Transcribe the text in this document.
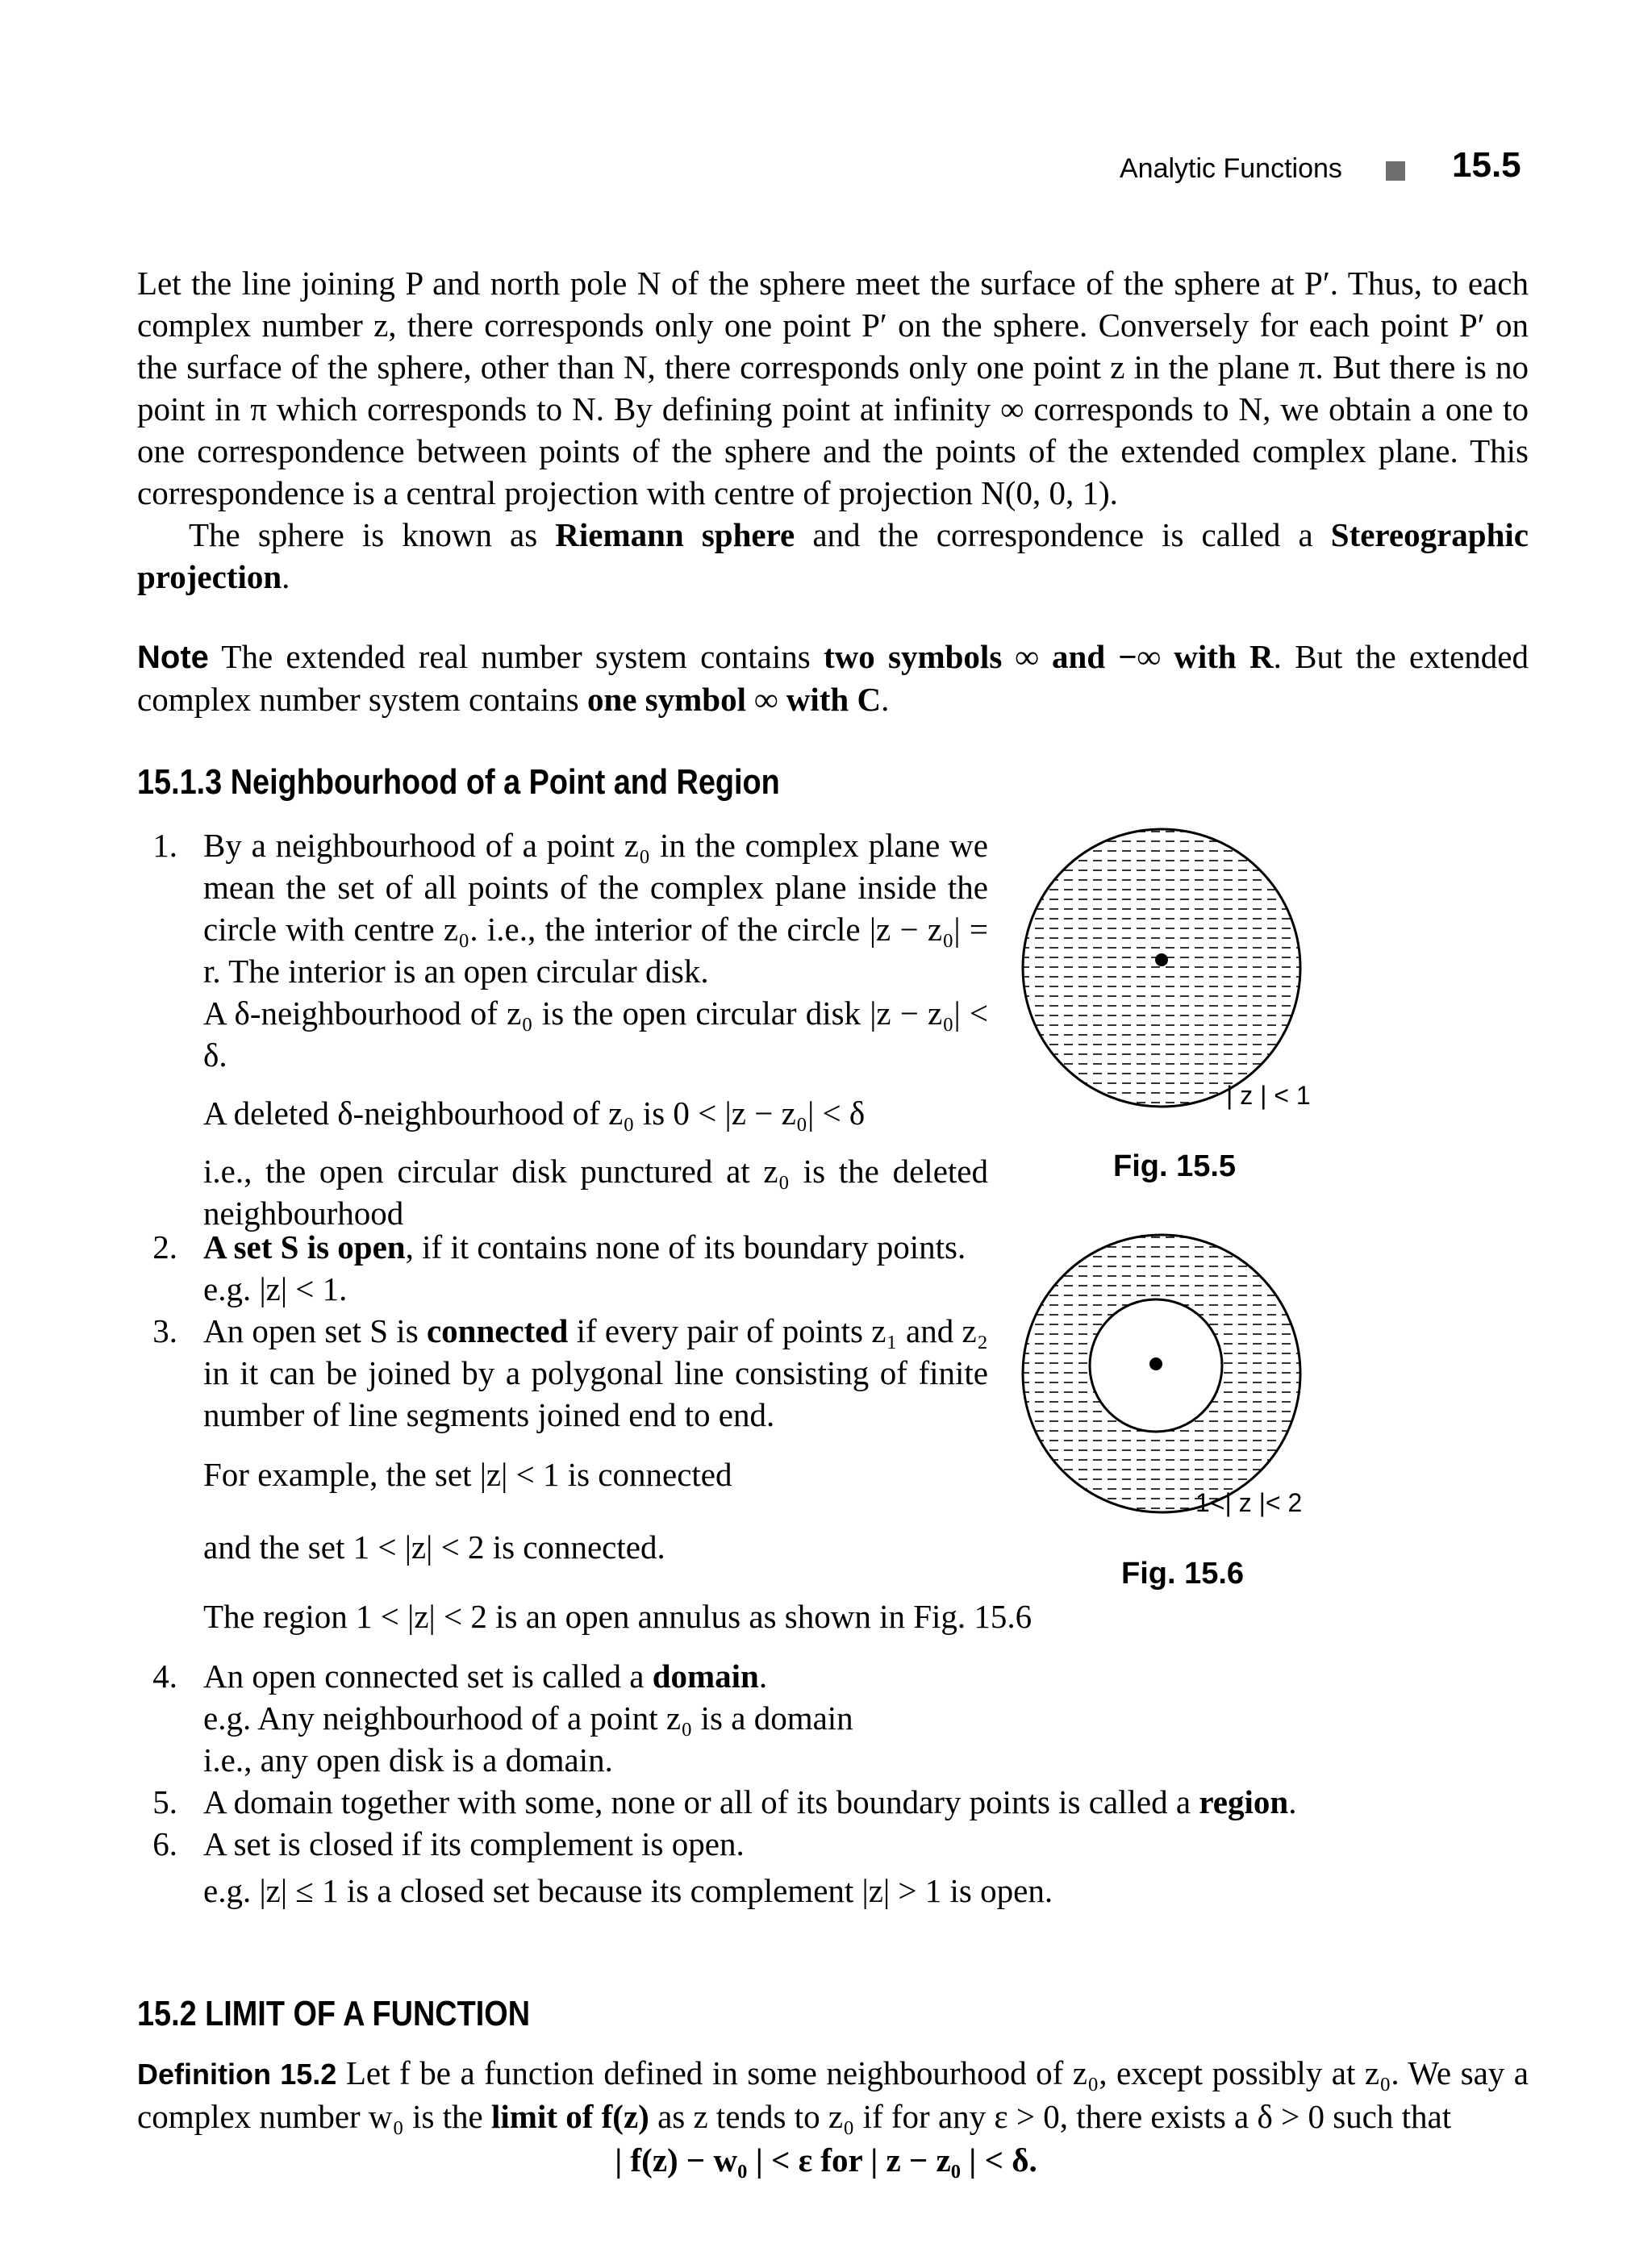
Analytic Functions	15.5

Let the line joining P and north pole N of the sphere meet the surface of the sphere at P′. Thus, to each complex number z, there corresponds only one point P′ on the sphere. Conversely for each point P′ on the surface of the sphere, other than N, there corresponds only one point z in the plane π. But there is no point in π which corresponds to N. By defining point at infinity ∞ corresponds to N, we obtain a one to one correspondence between points of the sphere and the points of the extended complex plane. This correspondence is a central projection with centre of projection N(0, 0, 1).

The sphere is known as Riemann sphere and the correspondence is called a Stereographic projection.

Note The extended real number system contains two symbols ∞ and −∞ with R. But the extended complex number system contains one symbol ∞ with C.
15.1.3 Neighbourhood of a Point and Region
1. By a neighbourhood of a point z₀ in the complex plane we mean the set of all points of the complex plane inside the circle with centre z₀. i.e., the interior of the circle |z − z₀| = r. The interior is an open circular disk.

A δ-neighbourhood of z₀ is the open circular disk |z − z₀| < δ.

A deleted δ-neighbourhood of z₀ is 0 < |z − z₀| < δ

i.e., the open circular disk punctured at z₀ is the deleted neighbourhood

2. A set S is open, if it contains none of its boundary points.

e.g. |z| < 1.

3. An open set S is connected if every pair of points z₁ and z₂ in it can be joined by a polygonal line consisting of finite number of line segments joined end to end.

For example, the set |z| < 1 is connected

and the set 1 < |z| < 2 is connected.

The region 1 < |z| < 2 is an open annulus as shown in Fig. 15.6
4. An open connected set is called a domain.

e.g. Any neighbourhood of a point z₀ is a domain

i.e., any open disk is a domain.

5. A domain together with some, none or all of its boundary points is called a region.

6. A set is closed if its complement is open.

e.g. |z| ≤ 1 is a closed set because its complement |z| > 1 is open.

| z | < 1
Fig. 15.5
1<| z |< 2
Fig. 15.6
15.2 LIMIT OF A FUNCTION
Definition 15.2 Let f be a function defined in some neighbourhood of z₀, except possibly at z₀. We say a complex number w₀ is the limit of f(z) as z tends to z₀ if for any ε > 0, there exists a δ > 0 such that
| f(z) − w₀ | < ε for | z − z₀ | < δ.
